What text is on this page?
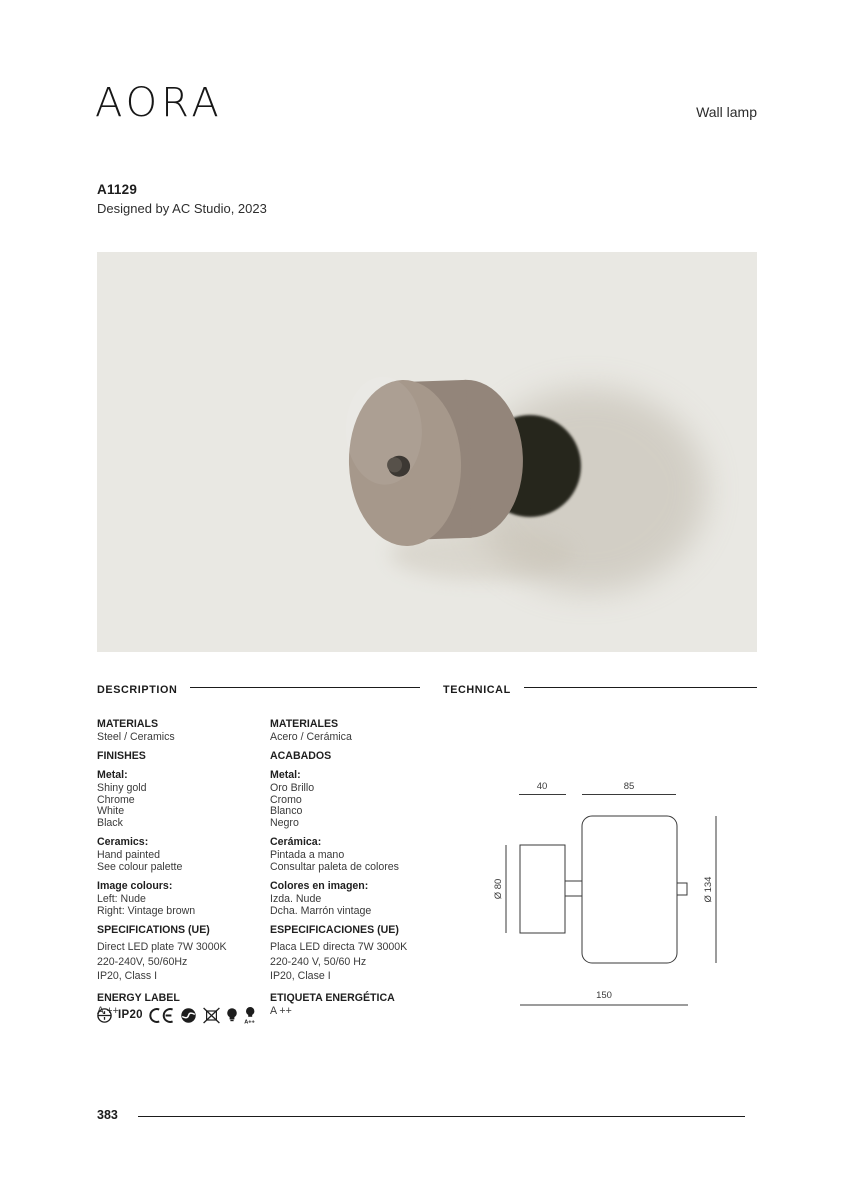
AORA	Wall lamp
A1129
Designed by AC Studio, 2023
DESCRIPTION	TECHNICAL
MATERIALS
Steel / Ceramics
FINISHES
Metal:
Shiny gold
Chrome
White
Black
Ceramics:
Hand painted
See colour palette
Image colours:
Left: Nude
Right: Vintage brown
SPECIFICATIONS (UE)
Direct LED plate 7W 3000K
220-240V, 50/60Hz
IP20, Class I
ENERGY LABEL
A ++
MATERIALES
Acero / Cerámica
ACABADOS
Metal:
Oro Brillo
Cromo
Blanco
Negro
Cerámica:
Pintada a mano
Consultar paleta de colores
Colores en imagen:
Izda. Nude
Dcha. Marrón vintage
ESPECIFICACIONES (UE)
Placa LED directa 7W 3000K
220-240 V, 50/60 Hz
IP20, Clase I
ETIQUETA ENERGÉTICA
A ++
IP20
A++
40	85
Ø 80	Ø 134
150
383
